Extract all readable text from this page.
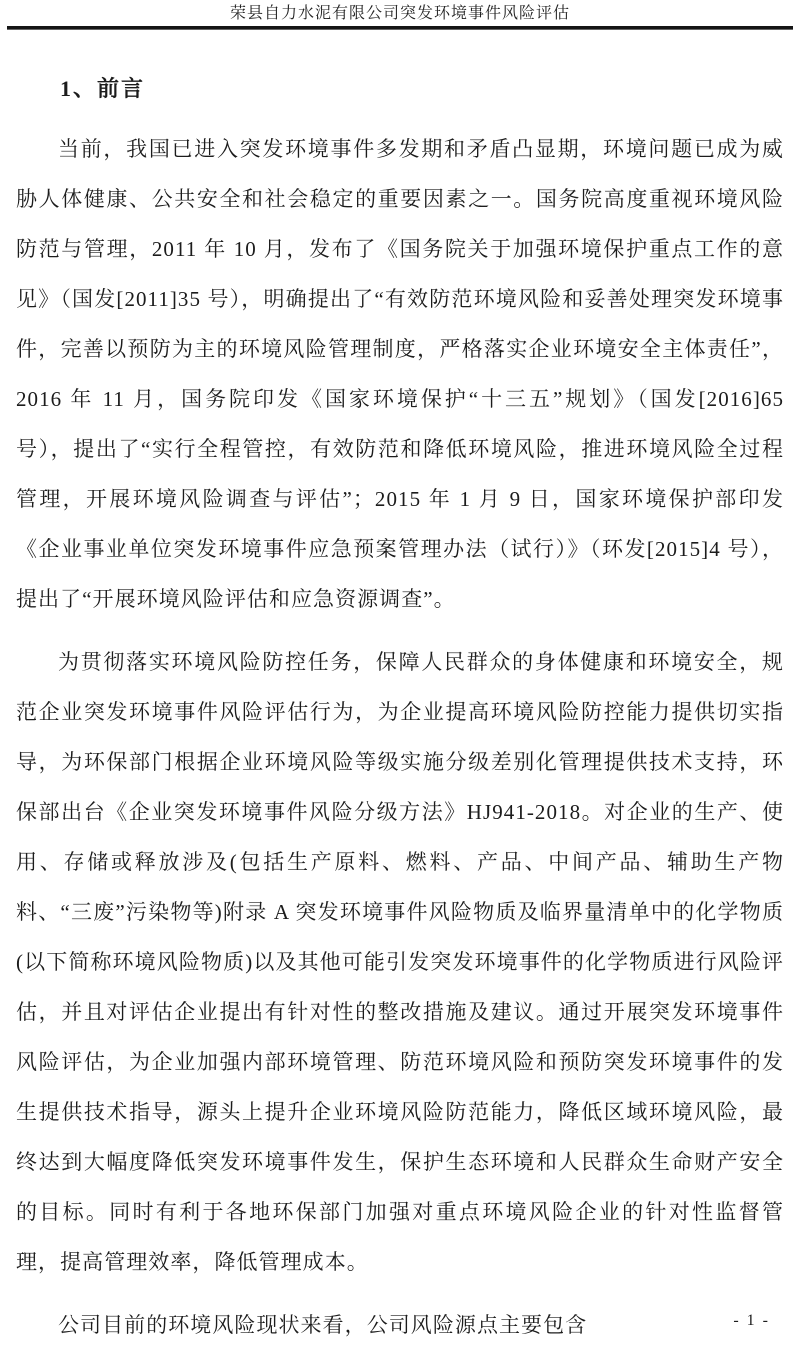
荣县自力水泥有限公司突发环境事件风险评估
1、前言

当前，我国已进入突发环境事件多发期和矛盾凸显期，环境问题已成为威胁人体健康、公共安全和社会稳定的重要因素之一。国务院高度重视环境风险防范与管理，2011 年 10 月，发布了《国务院关于加强环境保护重点工作的意见》（国发[2011]35 号），明确提出了“有效防范环境风险和妥善处理突发环境事件，完善以预防为主的环境风险管理制度，严格落实企业环境安全主体责任”，2016 年 11 月，国务院印发《国家环境保护“十三五”规划》（国发[2016]65 号），提出了“实行全程管控，有效防范和降低环境风险，推进环境风险全过程管理，开展环境风险调查与评估”；2015 年 1 月 9 日，国家环境保护部印发《企业事业单位突发环境事件应急预案管理办法（试行）》（环发[2015]4 号），提出了“开展环境风险评估和应急资源调查”。

为贯彻落实环境风险防控任务，保障人民群众的身体健康和环境安全，规范企业突发环境事件风险评估行为，为企业提高环境风险防控能力提供切实指导，为环保部门根据企业环境风险等级实施分级差别化管理提供技术支持，环保部出台《企业突发环境事件风险分级方法》HJ941-2018。对企业的生产、使用、存储或释放涉及(包括生产原料、燃料、产品、中间产品、辅助生产物料、“三废”污染物等)附录 A 突发环境事件风险物质及临界量清单中的化学物质(以下简称环境风险物质)以及其他可能引发突发环境事件的化学物质进行风险评估，并且对评估企业提出有针对性的整改措施及建议。通过开展突发环境事件风险评估，为企业加强内部环境管理、防范环境风险和预防突发环境事件的发生提供技术指导，源头上提升企业环境风险防范能力，降低区域环境风险，最终达到大幅度降低突发环境事件发生，保护生态环境和人民群众生命财产安全的目标。同时有利于各地环保部门加强对重点环境风险企业的针对性监督管理，提高管理效率，降低管理成本。

公司目前的环境风险现状来看，公司风险源点主要包含	- 1 -
